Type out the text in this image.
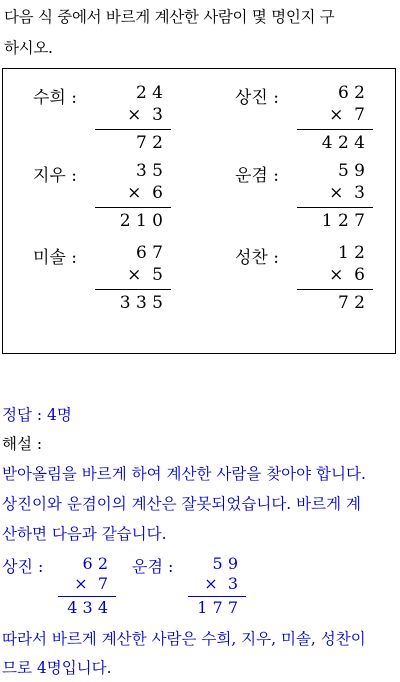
다음 식 중에서 바르게 계산한 사람이 몇 명인지 구
하시오.
수희 :	2 4
×  3
7 2
상진 :	6 2
×  7
4 2 4
지우 :	3 5
×  6
2 1 0
운겸 :	5 9
×  3
1 2 7
미솔 :	6 7
×  5
3 3 5
성찬 :	1 2
×  6
7 2
정답 : 4명
해설 :
받아올림을 바르게 하여 계산한 사람을 찾아야 합니다.
상진이와 운겸이의 계산은 잘못되었습니다. 바르게 계
산하면 다음과 같습니다.
상진 : 6 2
×  7
4 3 4
운겸 : 5 9
×  3
1 7 7
따라서 바르게 계산한 사람은 수희, 지우, 미솔, 성찬이
므로 4명입니다.
